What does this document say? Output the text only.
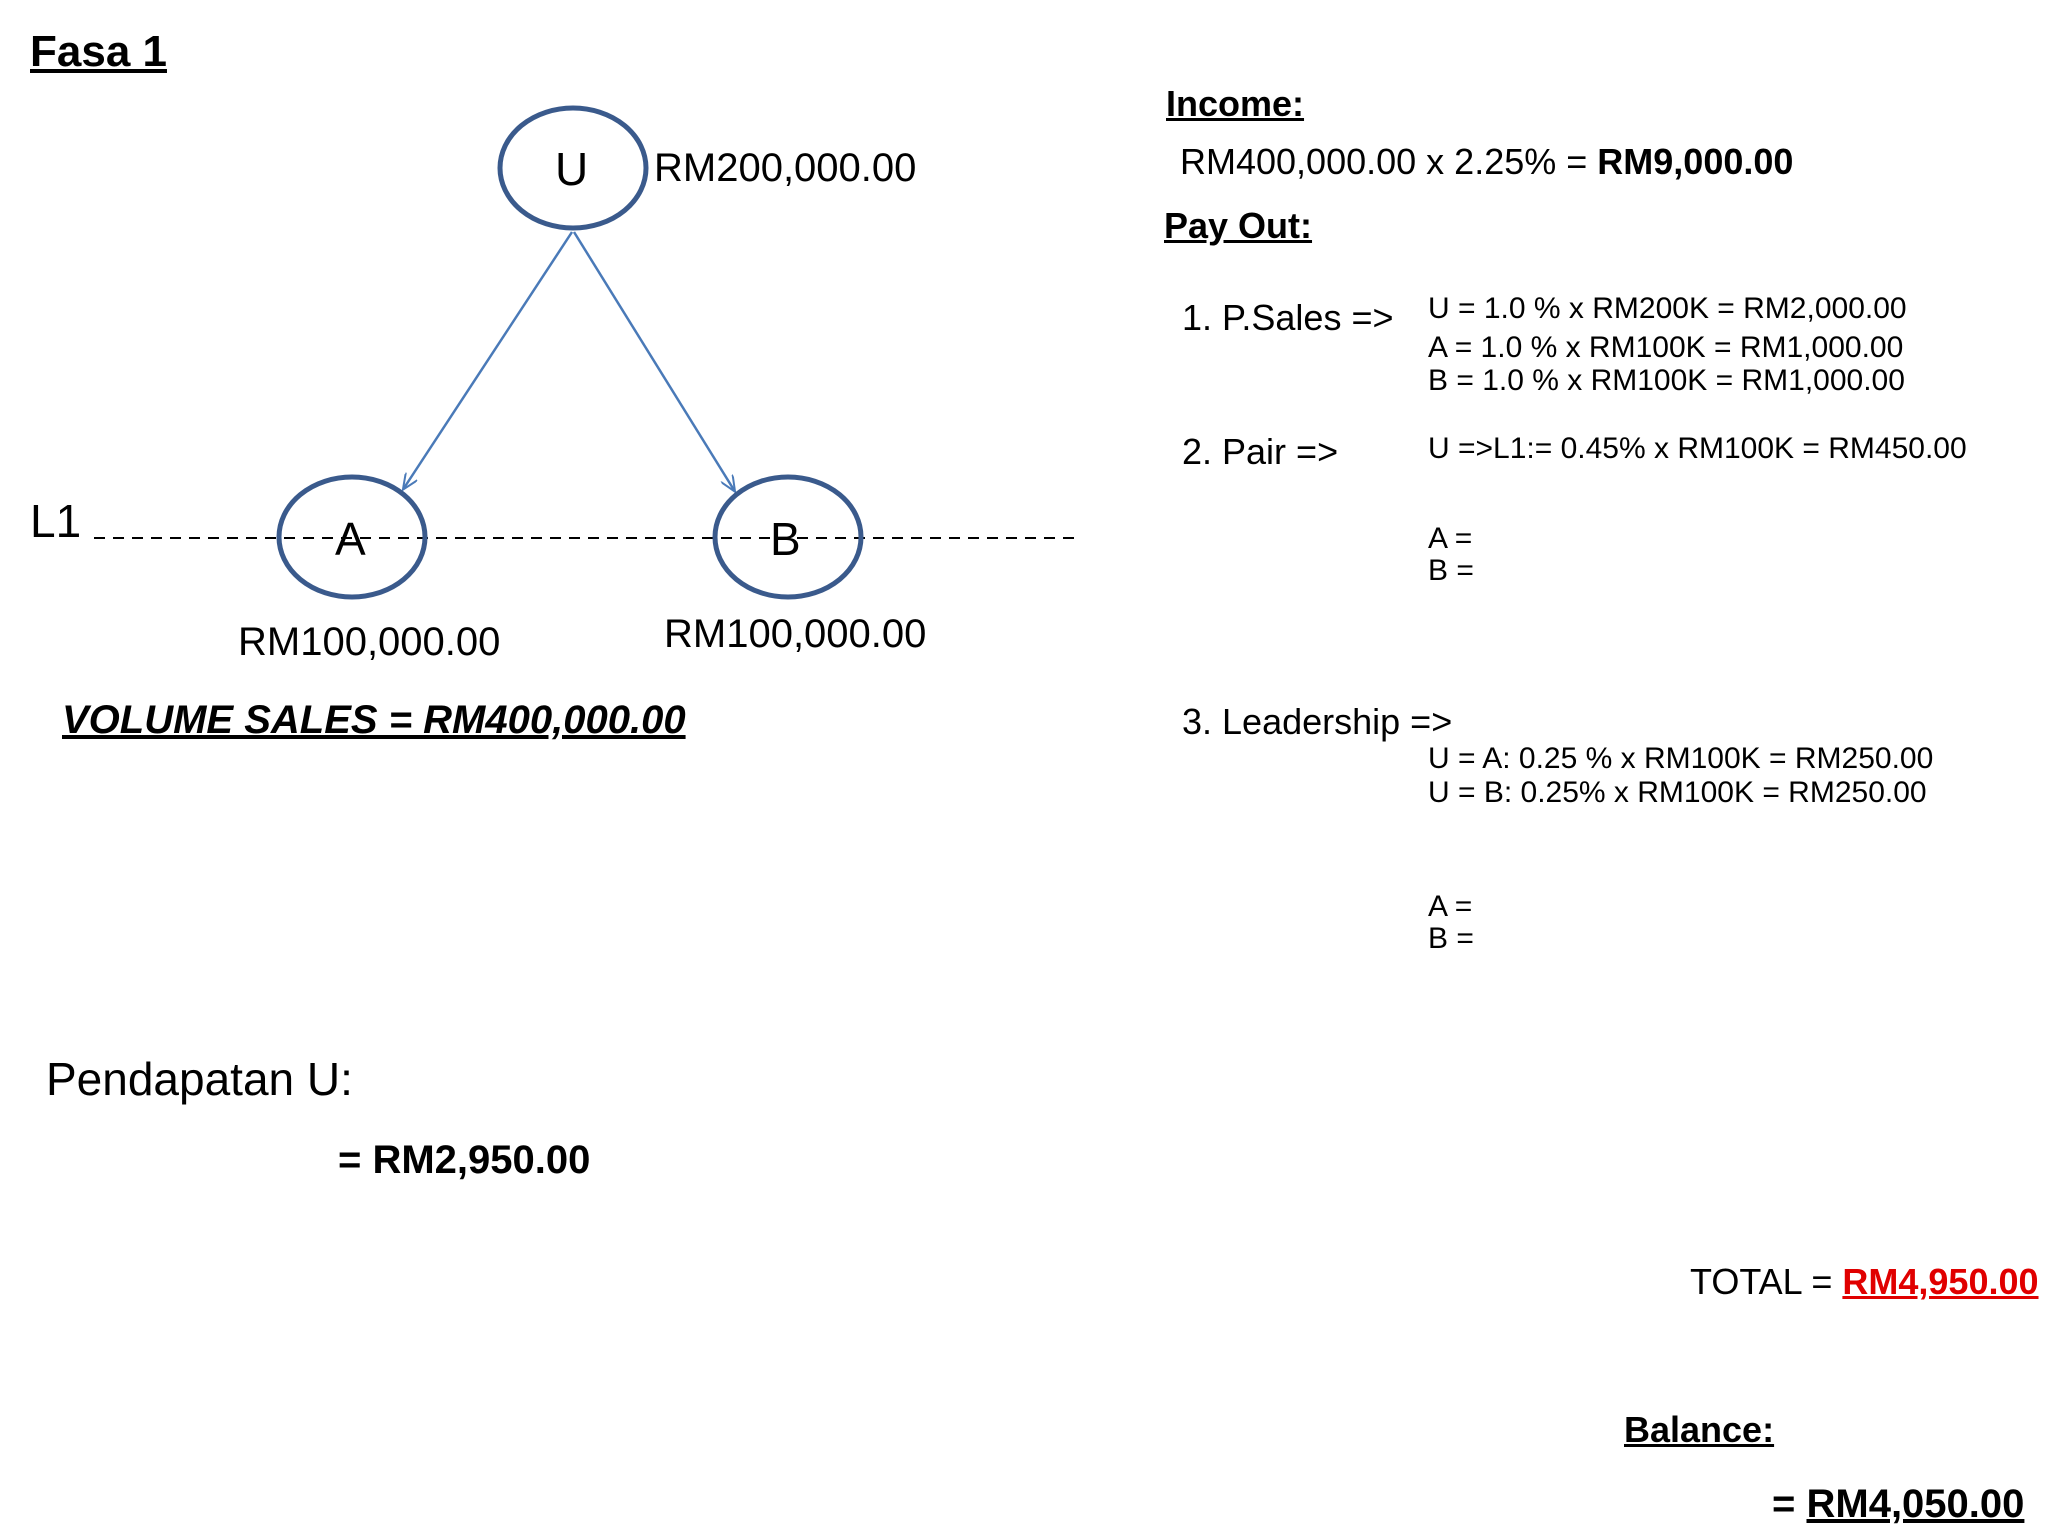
Fasa 1
U RM200,000.00
A	B
RM100,000.00	RM100,000.00
L1
VOLUME SALES = RM400,000.00
Pendapatan U:
= RM2,950.00
Income:
RM400,000.00 x 2.25% = RM9,000.00
Pay Out:
1. P.Sales => U = 1.0 % x RM200K = RM2,000.00
A = 1.0 % x RM100K = RM1,000.00
B = 1.0 % x RM100K = RM1,000.00
2. Pair =>	U =>L1:= 0.45% x RM100K = RM450.00
A =
B =
3. Leadership =>
U = A: 0.25 % x RM100K = RM250.00
U = B: 0.25% x RM100K = RM250.00
A =
B =
TOTAL = RM4,950.00
Balance:
= RM4,050.00
